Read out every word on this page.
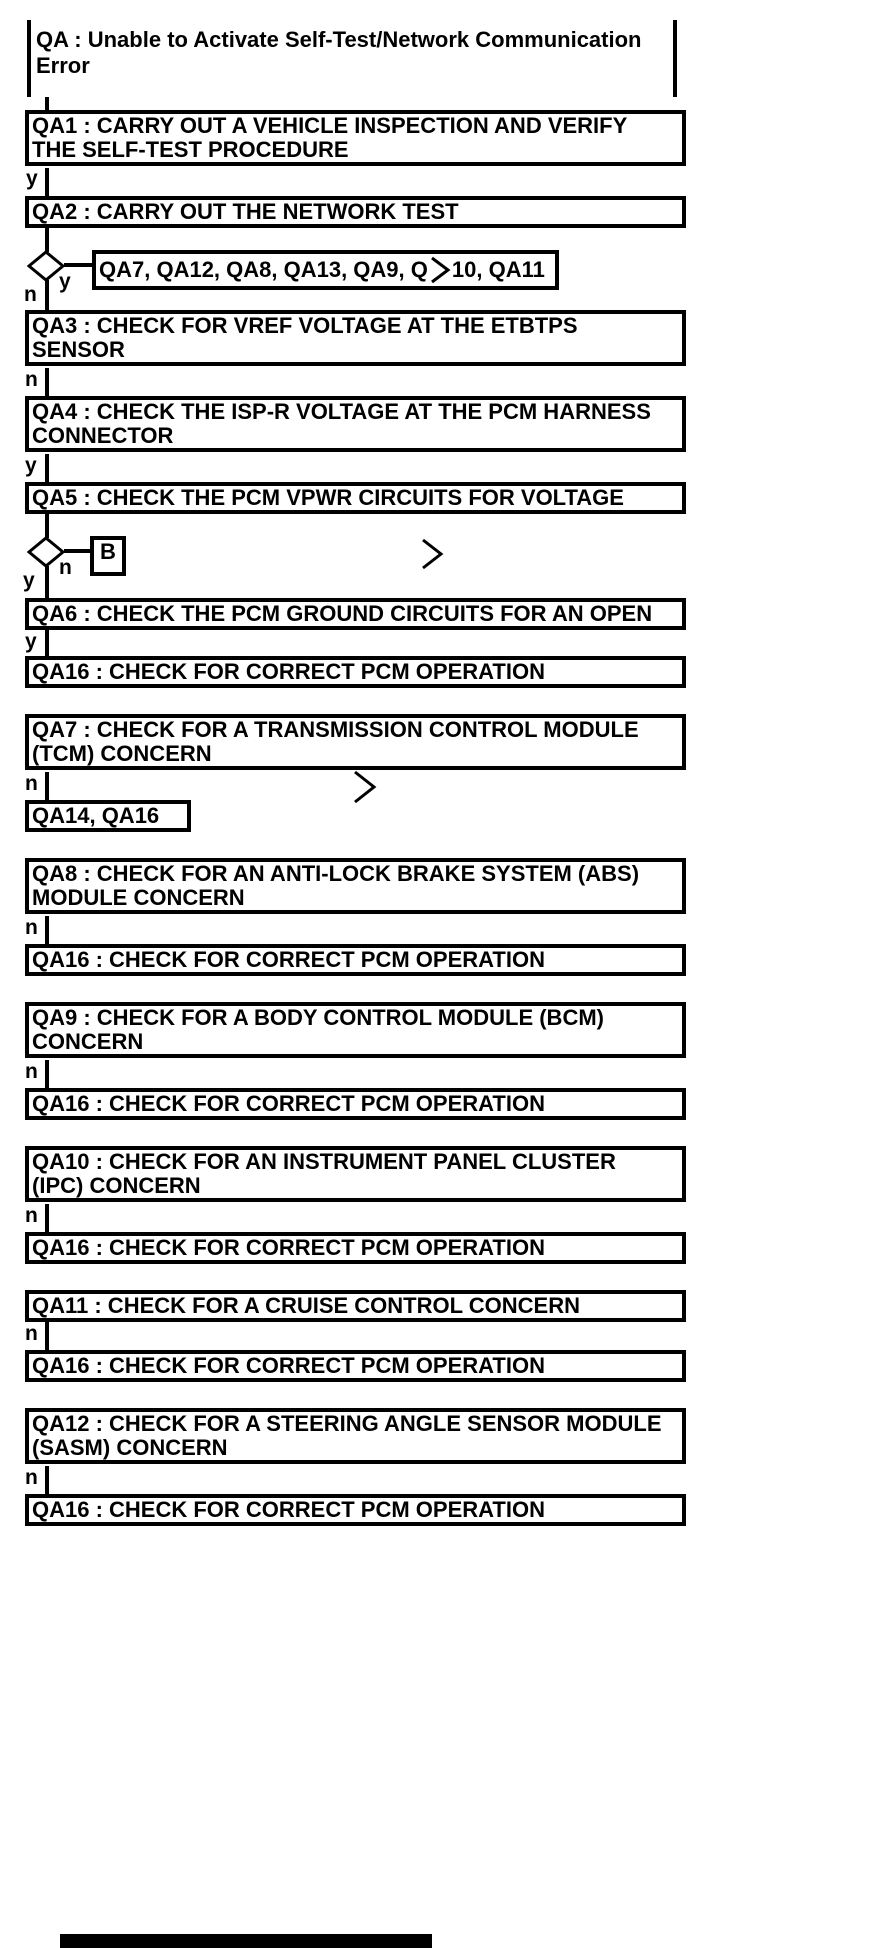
QA : Unable to Activate Self-Test/Network Communication
Error
QA1 : CARRY OUT A VEHICLE INSPECTION AND VERIFY
THE SELF-TEST PROCEDURE
y
QA2 : CARRY OUT THE NETWORK TEST
n
y QA7, QA12, QA8, QA13, QA9, Q 10, QA11
QA3 : CHECK FOR VREF VOLTAGE AT THE ETBTPS
SENSOR
n
QA4 : CHECK THE ISP-R VOLTAGE AT THE PCM HARNESS
CONNECTOR
y
QA5 : CHECK THE PCM VPWR CIRCUITS FOR VOLTAGE
y
n
B
QA6 : CHECK THE PCM GROUND CIRCUITS FOR AN OPEN
y
QA16 : CHECK FOR CORRECT PCM OPERATION
QA7 : CHECK FOR A TRANSMISSION CONTROL MODULE
(TCM) CONCERN
n
QA14, QA16
QA8 : CHECK FOR AN ANTI-LOCK BRAKE SYSTEM (ABS)
MODULE CONCERN
n
QA16 : CHECK FOR CORRECT PCM OPERATION
QA9 : CHECK FOR A BODY CONTROL MODULE (BCM)
CONCERN
n
QA16 : CHECK FOR CORRECT PCM OPERATION
QA10 : CHECK FOR AN INSTRUMENT PANEL CLUSTER
(IPC) CONCERN
n
QA16 : CHECK FOR CORRECT PCM OPERATION
QA11 : CHECK FOR A CRUISE CONTROL CONCERN
n
QA16 : CHECK FOR CORRECT PCM OPERATION
QA12 : CHECK FOR A STEERING ANGLE SENSOR MODULE
(SASM) CONCERN
n
QA16 : CHECK FOR CORRECT PCM OPERATION
